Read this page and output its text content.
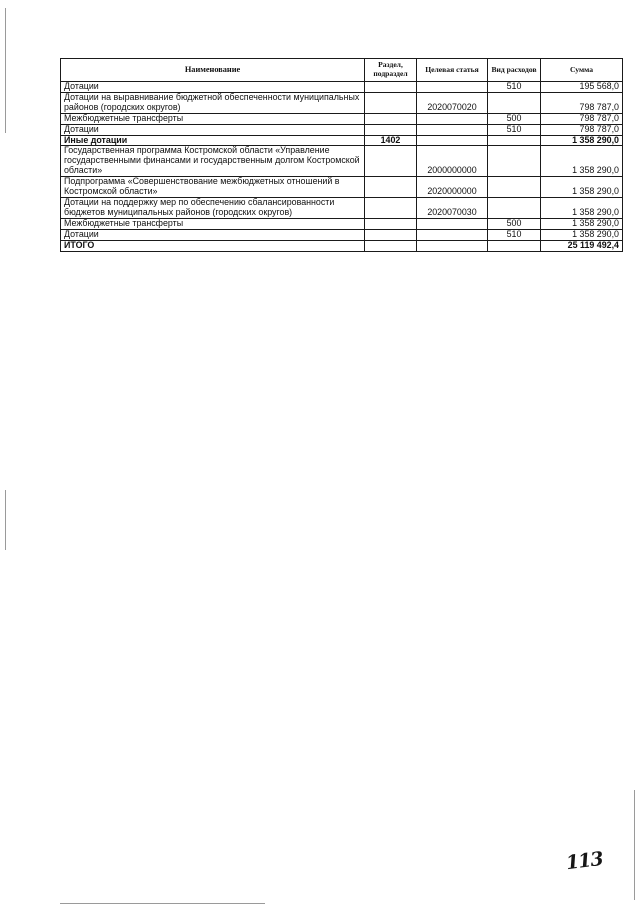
Наименование	Раздел, подраздел	Целевая статья	Вид расходов	Сумма
Дотации			510	195 568,0
Дотации на выравнивание бюджетной обеспеченности муниципальных районов (городских округов)		2020070020		798 787,0
Межбюджетные трансферты			500	798 787,0
Дотации			510	798 787,0
Иные дотации	1402			1 358 290,0
Государственная программа Костромской области «Управление государственными финансами и государственным долгом Костромской области»		2000000000		1 358 290,0
Подпрограмма «Совершенствование межбюджетных отношений в Костромской области»		2020000000		1 358 290,0
Дотации на поддержку мер по обеспечению сбалансированности бюджетов муниципальных районов (городских округов)		2020070030		1 358 290,0
Межбюджетные трансферты			500	1 358 290,0
Дотации			510	1 358 290,0
ИТОГО				25 119 492,4
113
